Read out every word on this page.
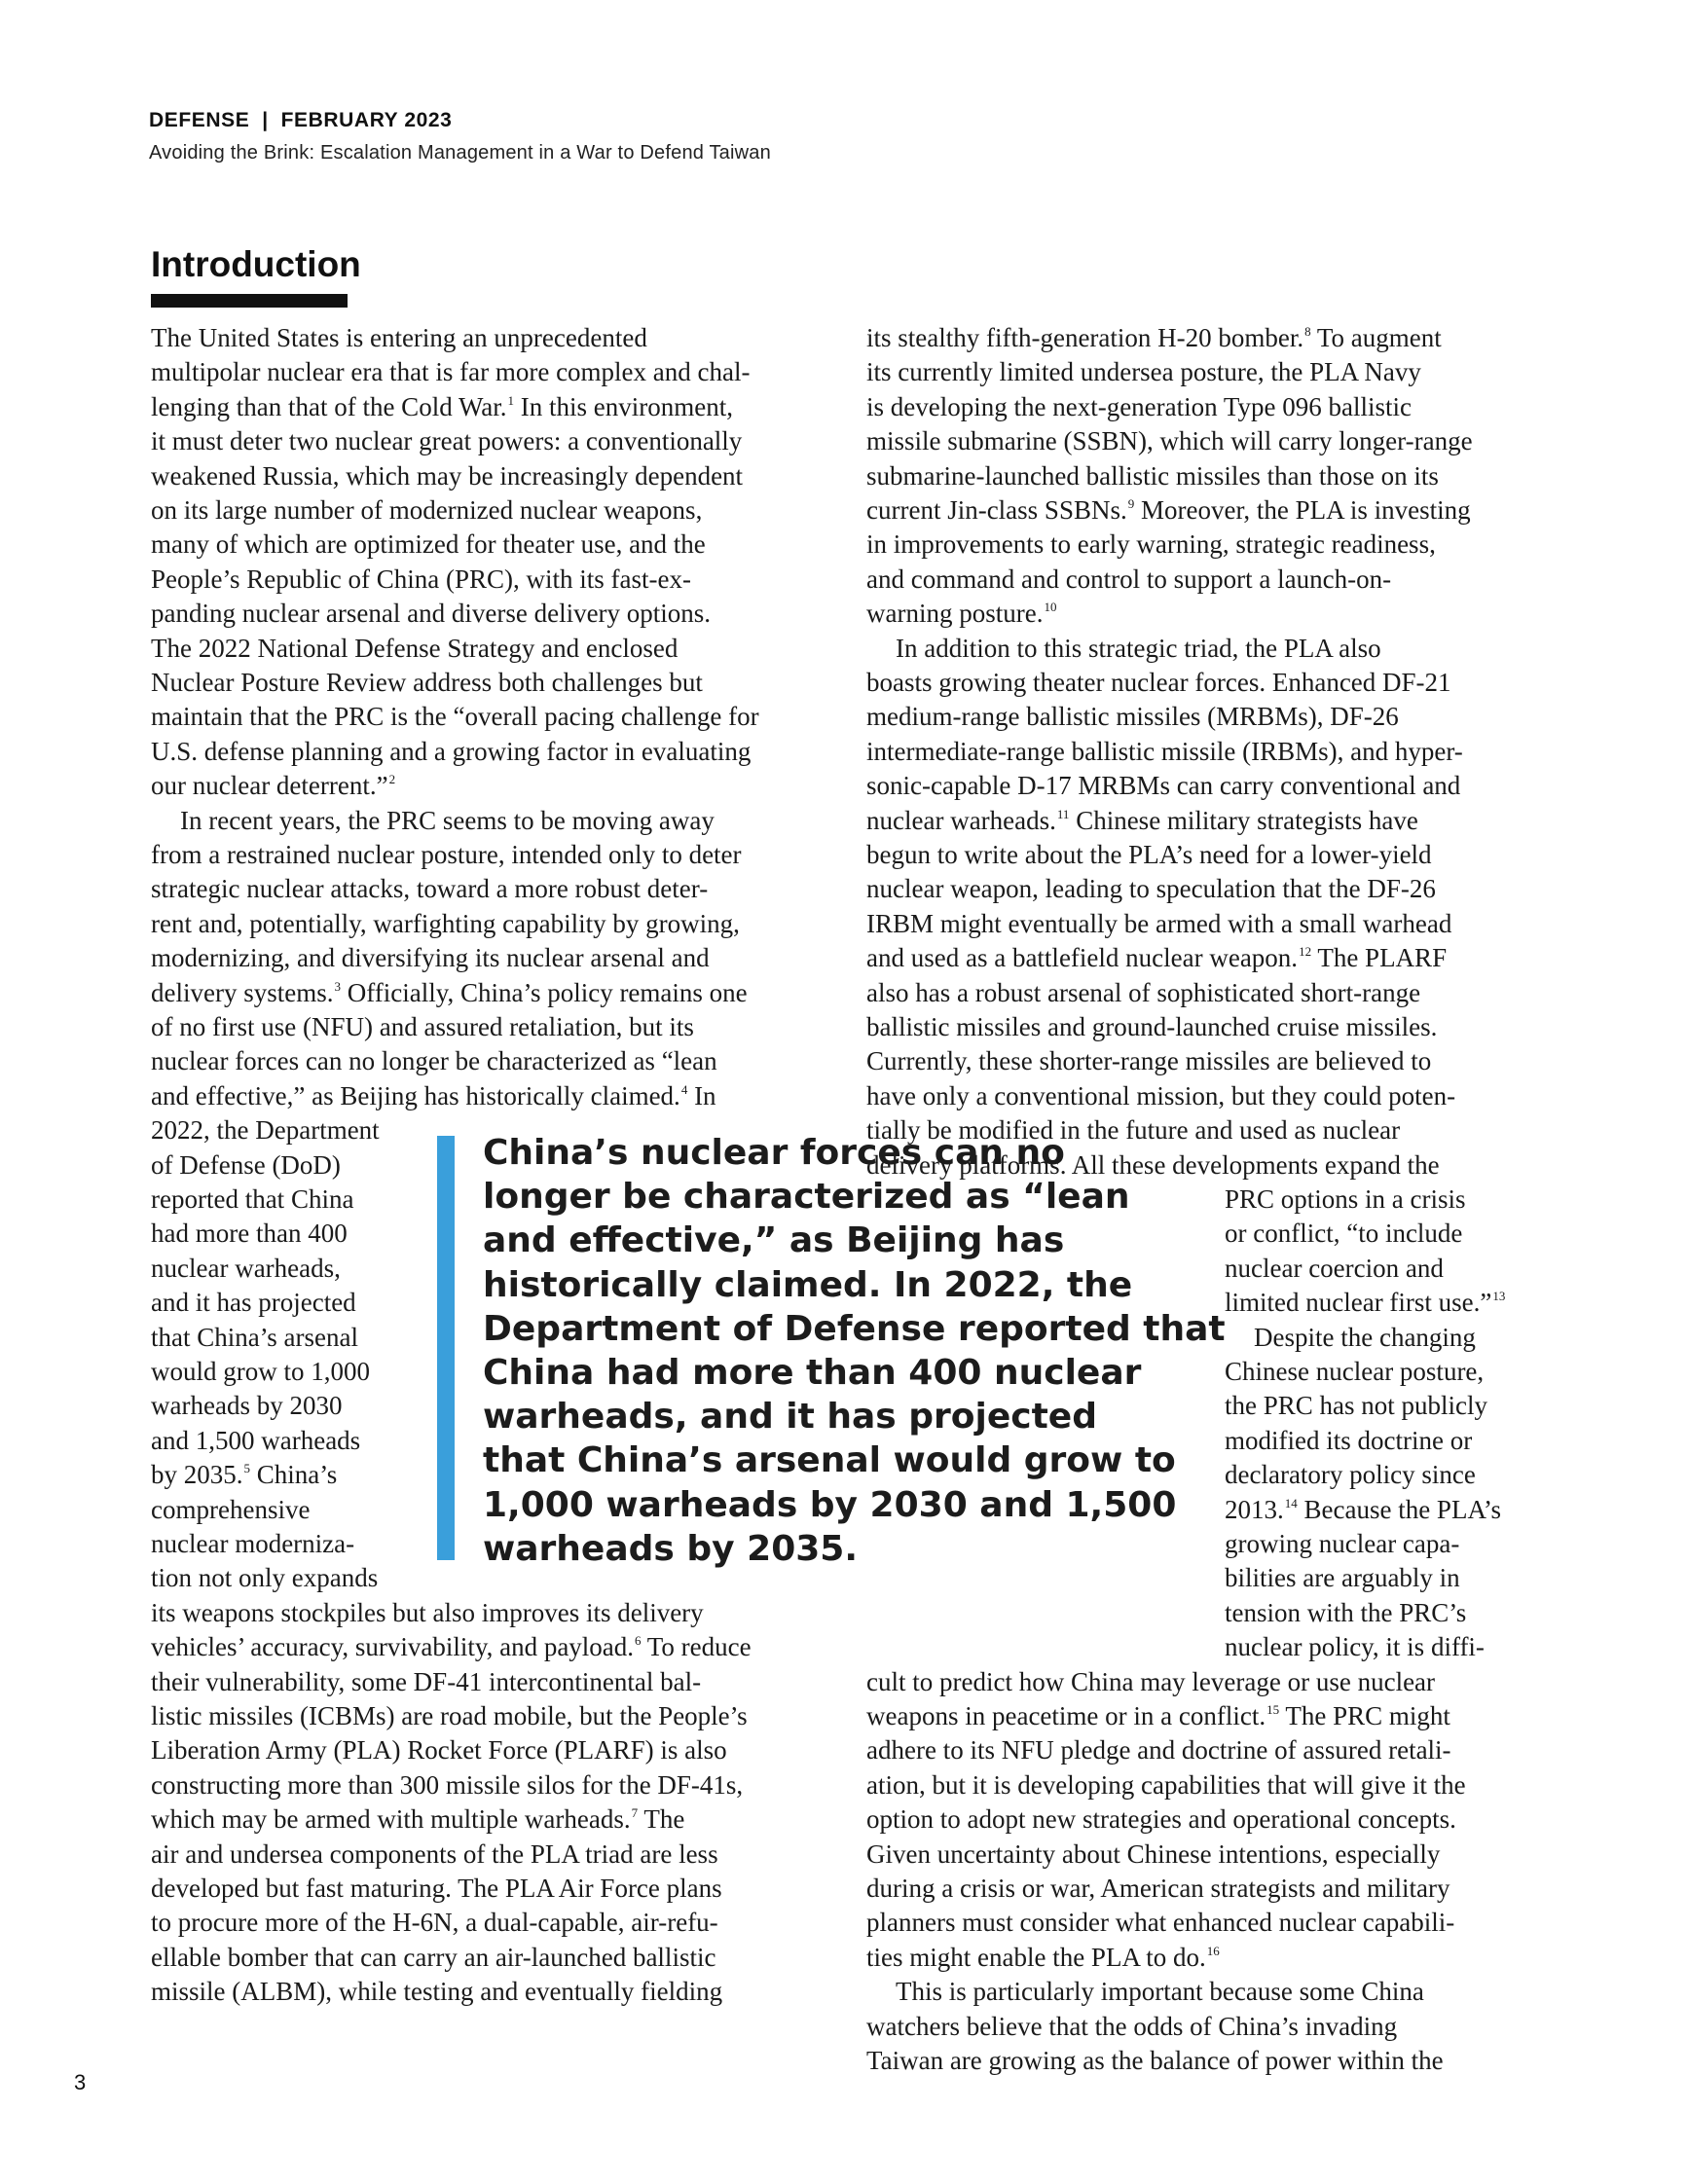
DEFENSE  |  FEBRUARY 2023
Avoiding the Brink: Escalation Management in a War to Defend Taiwan
Introduction
The United States is entering an unprecedented
multipolar nuclear era that is far more complex and chal-
lenging than that of the Cold War.$^1$ In this environment,
it must deter two nuclear great powers: a conventionally
weakened Russia, which may be increasingly dependent
on its large number of modernized nuclear weapons,
many of which are optimized for theater use, and the
People’s Republic of China (PRC), with its fast-ex-
panding nuclear arsenal and diverse delivery options.
The 2022 National Defense Strategy and enclosed
Nuclear Posture Review address both challenges but
maintain that the PRC is the “overall pacing challenge for
U.S. defense planning and a growing factor in evaluating
our nuclear deterrent.”$^2$
In recent years, the PRC seems to be moving away
from a restrained nuclear posture, intended only to deter
strategic nuclear attacks, toward a more robust deter-
rent and, potentially, warfighting capability by growing,
modernizing, and diversifying its nuclear arsenal and
delivery systems.$^3$ Officially, China’s policy remains one
of no first use (NFU) and assured retaliation, but its
nuclear forces can no longer be characterized as “lean
and effective,” as Beijing has historically claimed.$^4$ In
2022, the Department
of Defense (DoD)
reported that China
had more than 400
nuclear warheads,
and it has projected
that China’s arsenal
would grow to 1,000
warheads by 2030
and 1,500 warheads
by 2035.$^5$ China’s
comprehensive
nuclear moderniza-
tion not only expands
its weapons stockpiles but also improves its delivery
vehicles’ accuracy, survivability, and payload.$^6$ To reduce
their vulnerability, some DF-41 intercontinental bal-
listic missiles (ICBMs) are road mobile, but the People’s
Liberation Army (PLA) Rocket Force (PLARF) is also
constructing more than 300 missile silos for the DF-41s,
which may be armed with multiple warheads.$^7$ The
air and undersea components of the PLA triad are less
developed but fast maturing. The PLA Air Force plans
to procure more of the H-6N, a dual-capable, air-refu-
ellable bomber that can carry an air-launched ballistic
missile (ALBM), while testing and eventually fielding
its stealthy fifth-generation H-20 bomber.$^8$ To augment
its currently limited undersea posture, the PLA Navy
is developing the next-generation Type 096 ballistic
missile submarine (SSBN), which will carry longer-range
submarine-launched ballistic missiles than those on its
current Jin-class SSBNs.$^9$ Moreover, the PLA is investing
in improvements to early warning, strategic readiness,
and command and control to support a launch-on-
warning posture.$^{10}$
In addition to this strategic triad, the PLA also
boasts growing theater nuclear forces. Enhanced DF-21
medium-range ballistic missiles (MRBMs), DF-26
intermediate-range ballistic missile (IRBMs), and hyper-
sonic-capable D-17 MRBMs can carry conventional and
nuclear warheads.$^{11}$ Chinese military strategists have
begun to write about the PLA’s need for a lower-yield
nuclear weapon, leading to speculation that the DF-26
IRBM might eventually be armed with a small warhead
and used as a battlefield nuclear weapon.$^{12}$ The PLARF
also has a robust arsenal of sophisticated short-range
ballistic missiles and ground-launched cruise missiles.
Currently, these shorter-range missiles are believed to
have only a conventional mission, but they could poten-
tially be modified in the future and used as nuclear
delivery platforms. All these developments expand the
PRC options in a crisis
or conflict, “to include
nuclear coercion and
limited nuclear first use.”$^{13}$
Despite the changing
Chinese nuclear posture,
the PRC has not publicly
modified its doctrine or
declaratory policy since
2013.14 Because the PLA’s
growing nuclear capa-
bilities are arguably in
tension with the PRC’s
nuclear policy, it is diffi-
cult to predict how China may leverage or use nuclear
weapons in peacetime or in a conflict.$^{15}$ The PRC might
adhere to its NFU pledge and doctrine of assured retali-
ation, but it is developing capabilities that will give it the
option to adopt new strategies and operational concepts.
Given uncertainty about Chinese intentions, especially
during a crisis or war, American strategists and military
planners must consider what enhanced nuclear capabili-
ties might enable the PLA to do.$^{16}$
This is particularly important because some China
watchers believe that the odds of China’s invading
Taiwan are growing as the balance of power within the
China’s nuclear forces can no
longer be characterized as “lean
and effective,” as Beijing has
historically claimed. In 2022, the
Department of Defense reported that
China had more than 400 nuclear
warheads, and it has projected
that China’s arsenal would grow to
1,000 warheads by 2030 and 1,500
warheads by 2035.
3
